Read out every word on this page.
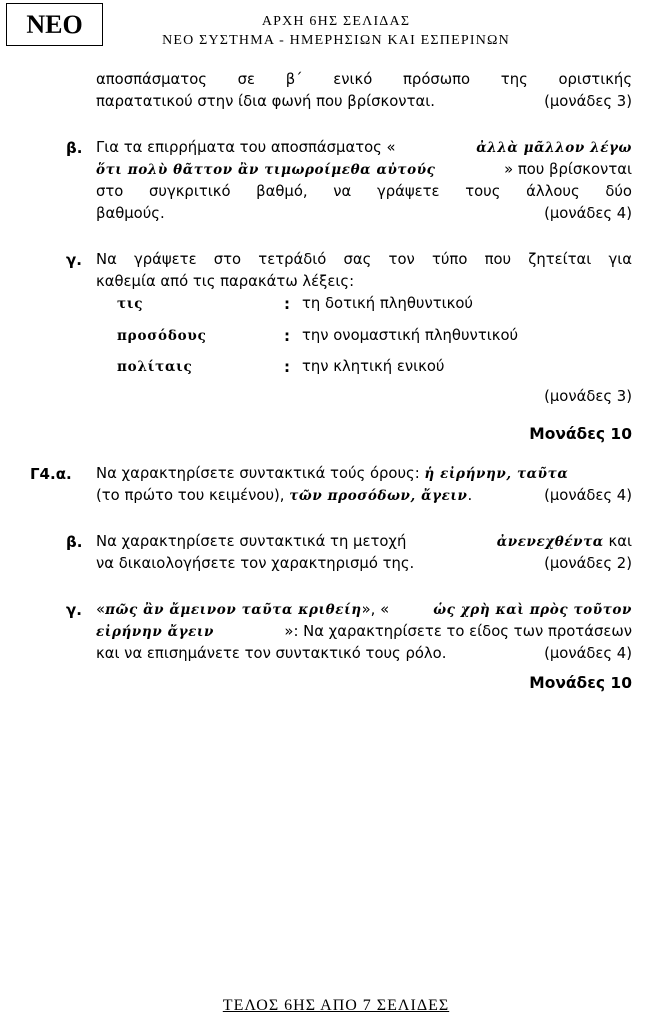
ΝΕΟ	ΑΡΧΗ 6ΗΣ ΣΕΛΙΔΑΣ
ΝΕΟ ΣΥΣΤΗΜΑ - ΗΜΕΡΗΣΙΩΝ ΚΑΙ ΕΣΠΕΡΙΝΩΝ
αποσπάσματος σε β΄ ενικό πρόσωπο της οριστικής
παρατατικού στην ίδια φωνή που βρίσκονται.	(μονάδες 3)
β. Για τα επιρρήματα του αποσπάσματος «	ἀλλὰ μᾶλλον λέγω
ὅτι πολὺ θᾶττον ἂν τιμωροίμεθα αὐτούς	» που βρίσκονται
στο συγκριτικό βαθμό, να γράψετε τους άλλους δύο
βαθμούς.	(μονάδες 4)
γ. Να γράψετε στο τετράδιό σας τον τύπο που ζητείται για
καθεμία από τις παρακάτω λέξεις:
τις	: τη δοτική πληθυντικού
προσόδους	: την ονομαστική πληθυντικού
πολίταις	: την κλητική ενικού
(μονάδες 3)
Μονάδες 10
Γ4.α. Να χαρακτηρίσετε συντακτικά τούς όρους: ἡ εἰρήνην, ταῦτα
(το πρώτο του κειμένου), τῶν προσόδων, ἄγειν.	(μονάδες 4)
β. Να χαρακτηρίσετε συντακτικά τη μετοχή	ἀνενεχθέντα και
να δικαιολογήσετε τον χαρακτηρισμό της.	(μονάδες 2)
γ. «πῶς ἂν ἄμεινον ταῦτα κριθείη», «	ὡς χρὴ καὶ πρὸς τοῦτον
εἰρήνην ἄγειν	»: Να χαρακτηρίσετε το είδος των προτάσεων
και να επισημάνετε τον συντακτικό τους ρόλο.	(μονάδες 4)
Μονάδες 10
ΤΕΛΟΣ 6ΗΣ ΑΠΟ 7 ΣΕΛΙΔΕΣ
